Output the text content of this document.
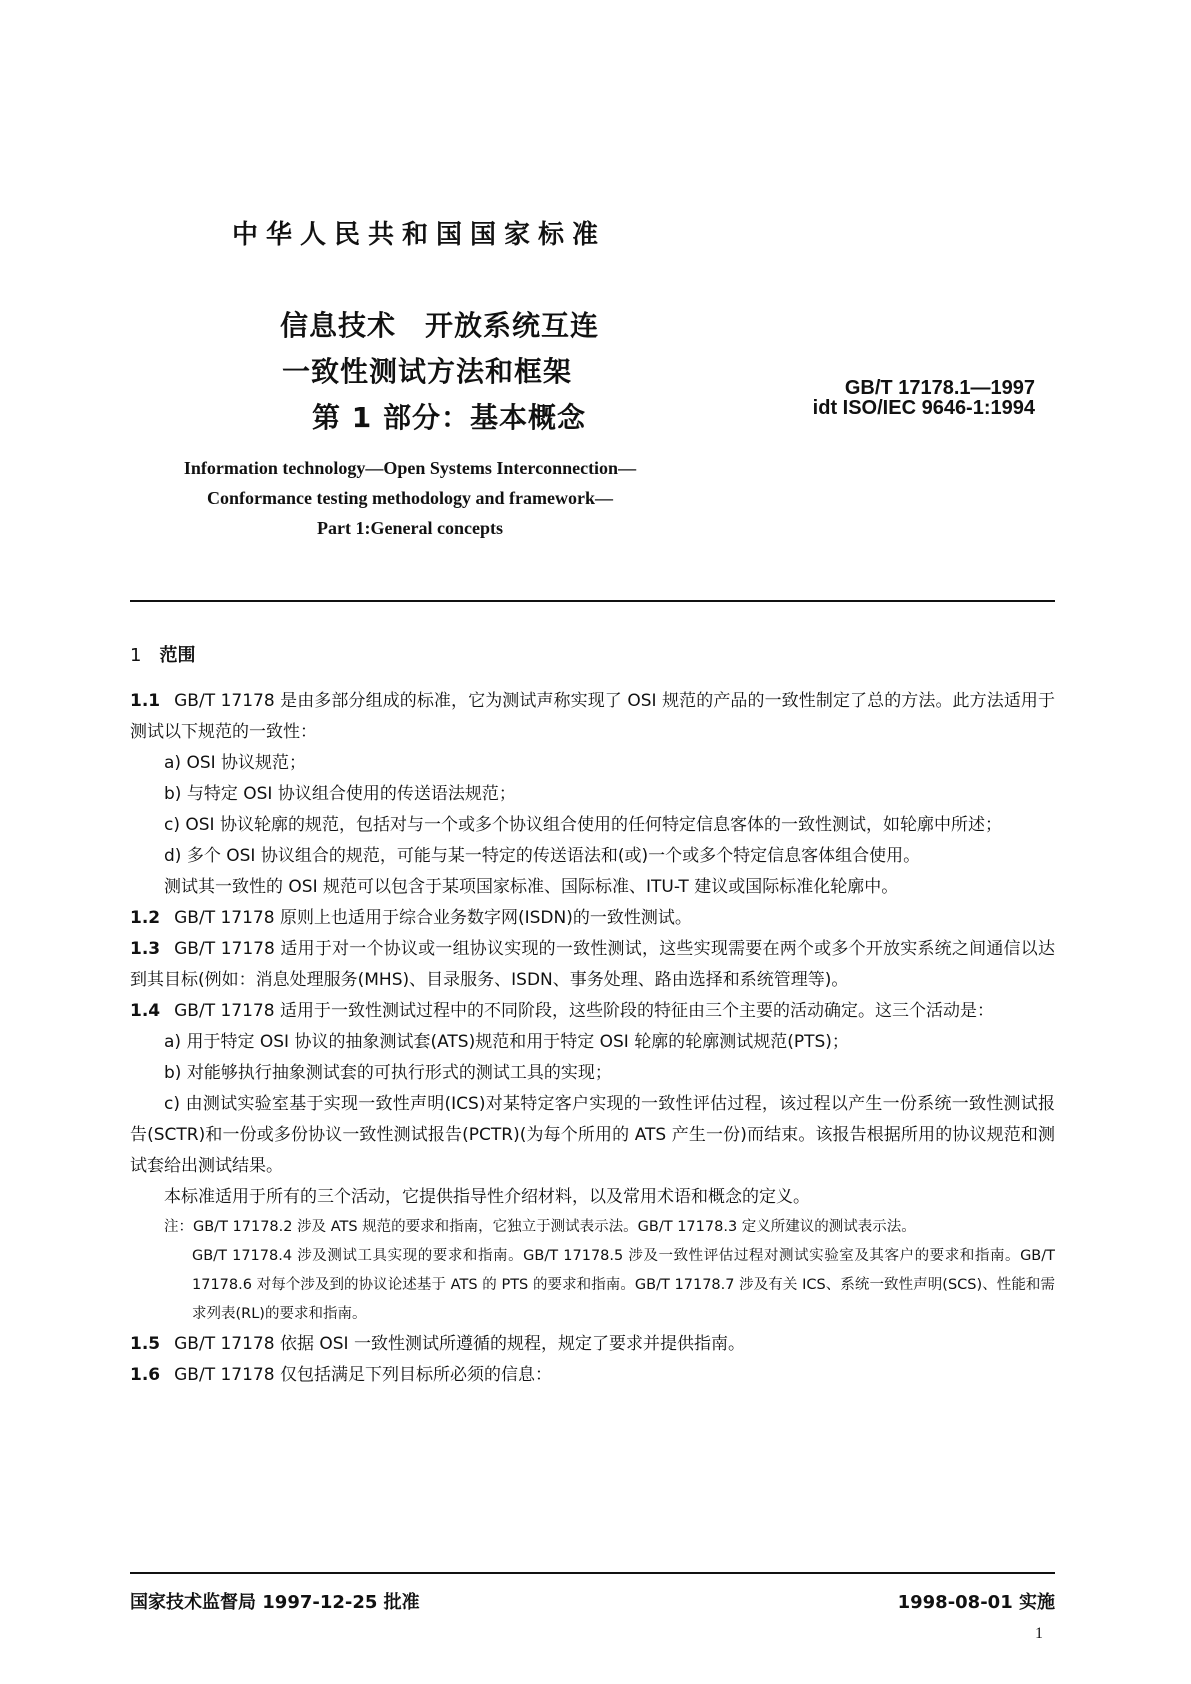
中华人民共和国国家标准
信息技术　开放系统互连
一致性测试方法和框架
第 1 部分：基本概念
GB/T 17178.1—1997
idt ISO/IEC 9646-1:1994
Information technology—Open Systems Interconnection—
Conformance testing methodology and framework—
Part 1:General concepts

1 范围

1.1 GB/T 17178 是由多部分组成的标准，它为测试声称实现了 OSI 规范的产品的一致性制定了总的方法。此方法适用于测试以下规范的一致性：

a) OSI 协议规范；

b) 与特定 OSI 协议组合使用的传送语法规范；

c) OSI 协议轮廓的规范，包括对与一个或多个协议组合使用的任何特定信息客体的一致性测试，如轮廓中所述；

d) 多个 OSI 协议组合的规范，可能与某一特定的传送语法和(或)一个或多个特定信息客体组合使用。

测试其一致性的 OSI 规范可以包含于某项国家标准、国际标准、ITU-T 建议或国际标准化轮廓中。

1.2 GB/T 17178 原则上也适用于综合业务数字网(ISDN)的一致性测试。

1.3 GB/T 17178 适用于对一个协议或一组协议实现的一致性测试，这些实现需要在两个或多个开放实系统之间通信以达到其目标(例如：消息处理服务(MHS)、目录服务、ISDN、事务处理、路由选择和系统管理等)。

1.4 GB/T 17178 适用于一致性测试过程中的不同阶段，这些阶段的特征由三个主要的活动确定。这三个活动是：

a) 用于特定 OSI 协议的抽象测试套(ATS)规范和用于特定 OSI 轮廓的轮廓测试规范(PTS)；

b) 对能够执行抽象测试套的可执行形式的测试工具的实现；

c) 由测试实验室基于实现一致性声明(ICS)对某特定客户实现的一致性评估过程，该过程以产生一份系统一致性测试报告(SCTR)和一份或多份协议一致性测试报告(PCTR)(为每个所用的 ATS 产生一份)而结束。该报告根据所用的协议规范和测试套给出测试结果。

本标准适用于所有的三个活动，它提供指导性介绍材料，以及常用术语和概念的定义。

注：GB/T 17178.2 涉及 ATS 规范的要求和指南，它独立于测试表示法。GB/T 17178.3 定义所建议的测试表示法。

GB/T 17178.4 涉及测试工具实现的要求和指南。GB/T 17178.5 涉及一致性评估过程对测试实验室及其客户的要求和指南。GB/T 17178.6 对每个涉及到的协议论述基于 ATS 的 PTS 的要求和指南。GB/T 17178.7 涉及有关 ICS、系统一致性声明(SCS)、性能和需求列表(RL)的要求和指南。

1.5 GB/T 17178 依据 OSI 一致性测试所遵循的规程，规定了要求并提供指南。

1.6 GB/T 17178 仅包括满足下列目标所必须的信息：

国家技术监督局 1997-12-25 批准	1998-08-01 实施
1
